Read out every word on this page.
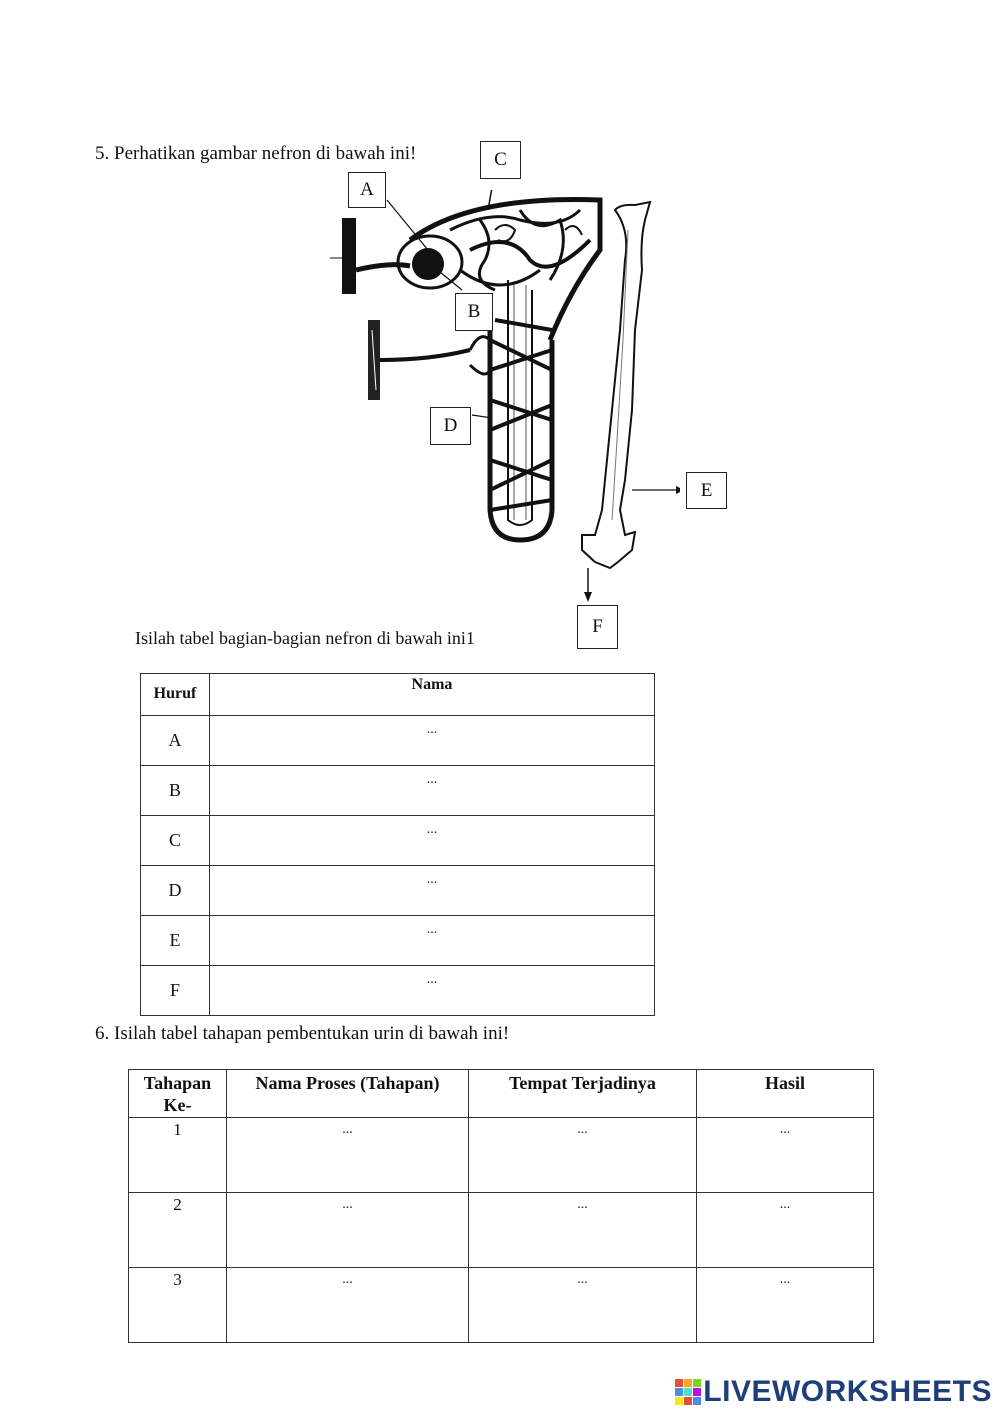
5. Perhatikan gambar nefron di bawah ini!	C
A
B
D
E
F
Isilah tabel bagian-bagian nefron di bawah ini1
Huruf	Nama
A	...
B	...
C	...
D	...
E	...
F	...
6. Isilah tabel tahapan pembentukan urin di bawah ini!
Tahapan Ke-	Nama Proses (Tahapan)	Tempat Terjadinya	Hasil
1	...	...	...
2	...	...	...
3	...	...	...
LIVEWORKSHEETS
